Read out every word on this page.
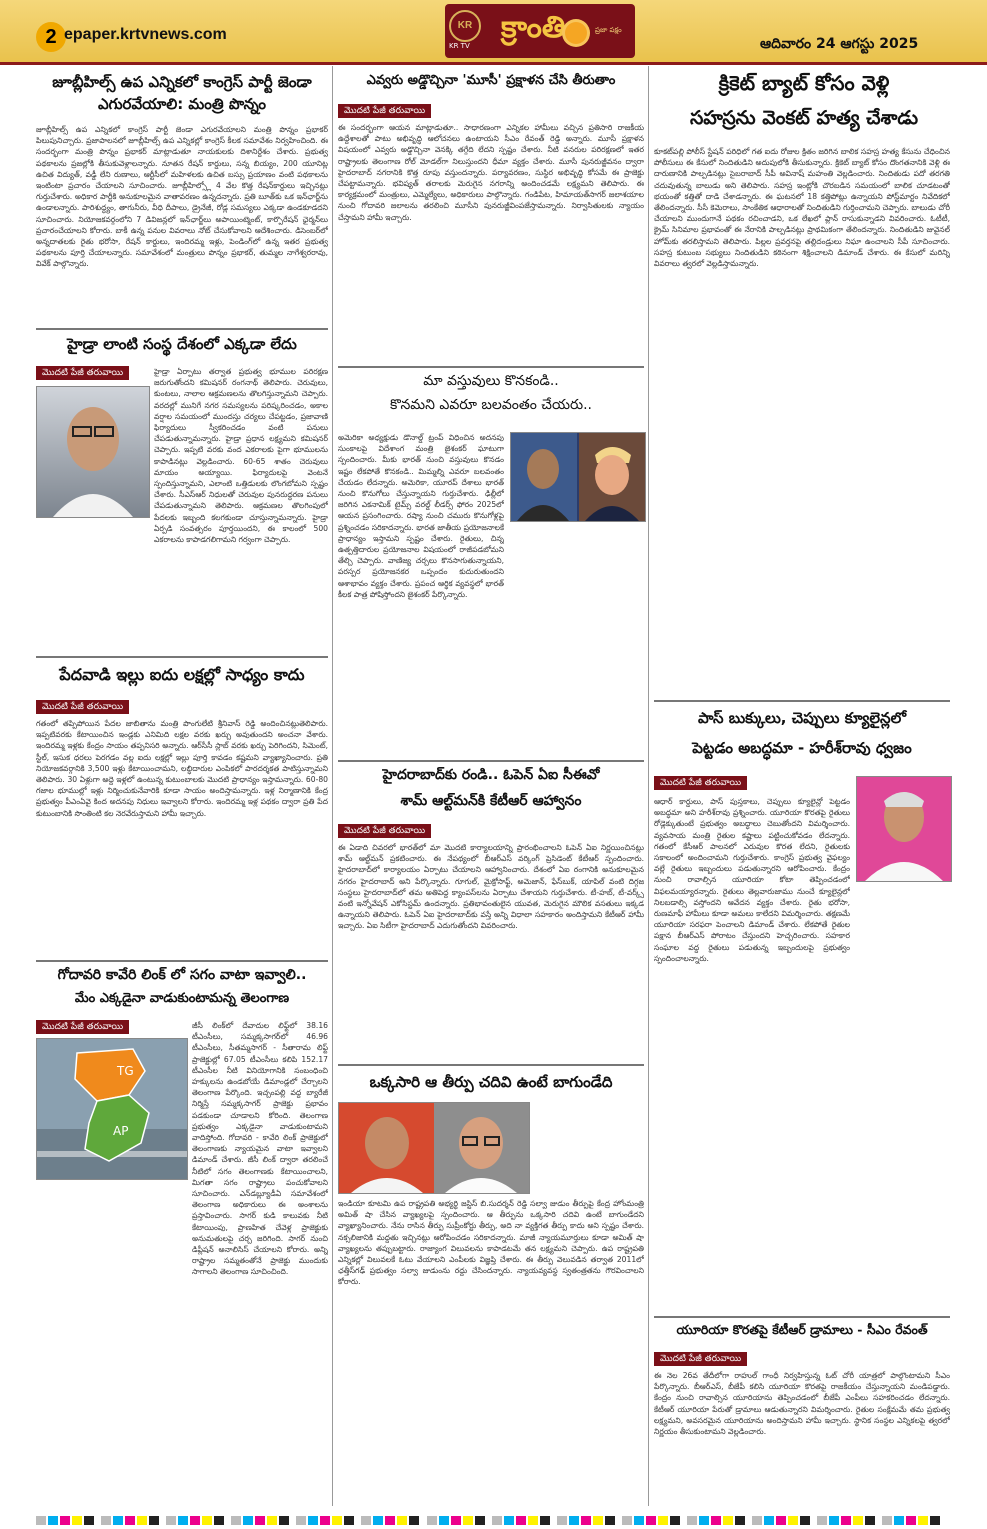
2 epaper.krtvnews.com
KR
KR TV
క్రాంతి	ప్రజా పక్షం
ఆదివారం 24 ఆగస్టు 2025
జూబ్లీహిల్స్ ఉప ఎన్నికలో కాంగ్రెస్ పార్టీ జెండా
ఎగురవేయాలి: మంత్రి పొన్నం
జూబ్లీహిల్స్ ఉప ఎన్నికలో కాంగ్రెస్ పార్టీ జెండా ఎగురవేయాలని మంత్రి పొన్నం ప్రభాకర్ పిలుపునిచ్చారు. ప్రజాపాలనలో జూబ్లీహిల్స్ ఉప ఎన్నికల్లో కాంగ్రెస్ కీలక సమావేశం నిర్వహించింది. ఈ సందర్భంగా మంత్రి పొన్నం ప్రభాకర్ మాట్లాడుతూ నాయకులకు దిశానిర్దేశం చేశారు. ప్రభుత్వ పథకాలను ప్రజల్లోకి తీసుకువెళ్లాలన్నారు. నూతన రేషన్ కార్డులు, సన్న బియ్యం, 200 యూనిట్ల ఉచిత విద్యుత్, వడ్డీ లేని రుణాలు, ఆర్టీసీలో మహిళలకు ఉచిత బస్సు ప్రయాణం వంటి పథకాలను ఇంటింటా ప్రచారం చేయాలని సూచించారు. జూబ్లీహిల్స్లో 4 వేల కొత్త రేషన్‌కార్డులు ఇచ్చినట్లు గుర్తుచేశారు. అధికార పార్టీకి అనుకూలమైన వాతావరణం ఉన్నదన్నారు. ప్రతి బూత్‌కు ఒక ఇన్‌ఛార్జ్‌ను ఉండాలన్నారు. పారిశుద్ధ్యం, తాగునీరు, వీధి దీపాలు, డ్రైనేజీ, రోడ్ల సమస్యలు ఎక్కడా ఉండకూడదని సూచించారు. నియోజకవర్గంలోని 7 డివిజన్లలో ఇన్‌ఛార్జ్‌లు అపాయింట్మెంట్, కార్పొరేషన్ ఛైర్మన్‌లు ప్రచారంచేయాలని కోరారు. బాకీ ఉన్న పనుల వివరాలు నోట్ చేసుకోవాలని ఆదేశించారు. డిసెంబర్‌లో అన్నదాతలకు రైతు భరోసా, రేషన్ కార్డులు, ఇందిరమ్మ ఇళ్లు, పెండింగ్‌లో ఉన్న ఇతర ప్రభుత్వ పథకాలను పూర్తి చేయాలన్నారు. సమావేశంలో మంత్రులు పొన్నం ప్రభాకర్, తుమ్మల నాగేశ్వరరావు, వివేక్ పాల్గొన్నారు.
హైడ్రా లాంటి సంస్థ దేశంలో ఎక్కడా లేదు
మొదటి పేజీ తరువాయి	హైడ్రా ఏర్పాటు తర్వాత ప్రభుత్వ భూముల పరిరక్షణ జరుగుతోందని కమిషనర్ రంగనాథ్ తెలిపారు. చెరువులు, కుంటలు, నాలాల ఆక్రమణలను తొలగిస్తున్నామని చెప్పారు. వరదల్లో మునిగే నగర సమస్యలను పరిష్కరించడం, అకాల వర్షాల సమయంలో ముందస్తు చర్యలు చేపట్టడం, ప్రజావాణి ఫిర్యాదులు స్వీకరించడం వంటి పనులు చేపడుతున్నామన్నారు. హైడ్రా ప్రధాన లక్ష్యమని కమిషనర్ చెప్పారు. ఇప్పటి వరకు వంద ఎకరాలకు పైగా భూములను కాపాడినట్లు వెల్లడించారు. 60-65 శాతం చెరువులు మాయం అయ్యాయి. ఫిర్యాదులపై వెంటనే స్పందిస్తున్నామని, ఎలాంటి ఒత్తిడులకు లొంగబోమని స్పష్టం చేశారు. సీఎస్ఆర్ నిధులతో చెరువుల పునరుద్ధరణ పనులు చేపడుతున్నామని తెలిపారు. ఆక్రమణల తొలగింపులో పేదలకు ఇబ్బంది కలగకుండా చూస్తున్నామన్నారు. హైడ్రా ఏర్పడి సంవత్సరం పూర్తయిందని, ఈ కాలంలో 500 ఎకరాలను కాపాడగలిగామని గర్వంగా చెప్పారు.
పేదవాడి ఇల్లు ఐదు లక్షల్లో సాధ్యం కాదు
మొదటి పేజీ తరువాయి
గతంలో తప్పిపోయిన పేదల జాబితాను మంత్రి పొంగులేటి శ్రీనివాస్ రెడ్డి అందించినట్లుతెలిపారు. ఇప్పటివరకు కేటాయించిన ఇండ్లకు ఎనిమిది లక్షల వరకు ఖర్చు అవుతుందని అంచనా వేశారు. ఇందిరమ్మ ఇళ్లకు కేంద్రం సాయం తప్పనిసరి అన్నారు. ఆర్‌సీసీ స్లాబ్ వరకు ఖర్చు పెరిగిందని, సిమెంట్, స్టీల్, ఇసుక ధరలు పెరగడం వల్ల ఐదు లక్షల్లో ఇల్లు పూర్తి కావడం కష్టమని వ్యాఖ్యానించారు. ప్రతి నియోజకవర్గానికి 3,500 ఇళ్లు కేటాయించామని, లబ్ధిదారుల ఎంపికలో పారదర్శకత పాటిస్తున్నామని తెలిపారు. 30 ఏళ్లుగా అద్దె ఇళ్లలో ఉంటున్న కుటుంబాలకు మొదటి ప్రాధాన్యం ఇస్తామన్నారు. 60-80 గజాల భూముల్లో ఇళ్లు నిర్మించుకునేవారికి కూడా సాయం అందిస్తామన్నారు. ఇళ్ల నిర్మాణానికి కేంద్ర ప్రభుత్వం పీఎంఏవై కింద అదనపు నిధులు ఇవ్వాలని కోరారు. ఇందిరమ్మ ఇళ్ల పథకం ద్వారా ప్రతి పేద కుటుంబానికి సొంతింటి కల నెరవేరుస్తామని హామీ ఇచ్చారు.
గోదావరి కావేరి లింక్ లో సగం వాటా ఇవ్వాలి..
మేం ఎక్కడైనా వాడుకుంటామన్న తెలంగాణ
మొదటి పేజీ తరువాయి
TG
AP
జీసీ లింక్‌లో దేవాదుల లిఫ్ట్‌లో 38.16 టీఎంసీలు, సమ్మక్కసాగర్‌లో 46.96 టీఎంసీలు, సీతమ్మసాగర్ - సీతారామ లిఫ్ట్ ప్రాజెక్టుల్లో 67.05 టీఎంసీలు కలిపి 152.17 టీఎంసీల నీటి వినియోగానికి సంబంధించి హక్కులను ఉండబోయే డిమాండ్లలో చేర్చాలని తెలంగాణ పేర్కొంది. ఇచ్చంపల్లి వద్ద బ్యారేజీ నిర్మిస్తే సమ్మక్కసాగర్ ప్రాజెక్టు ప్రభావం పడకుండా చూడాలని కోరింది. తెలంగాణ ప్రభుత్వం ఎక్కడైనా వాడుకుంటామని వాదిస్తోంది. గోదావరి - కావేరి లింక్ ప్రాజెక్టులో తెలంగాణకు న్యాయమైన వాటా ఇవ్వాలని డిమాండ్ చేశారు. జీసీ లింక్ ద్వారా తరలించే నీటిలో సగం తెలంగాణకు కేటాయించాలని, మిగతా సగం రాష్ట్రాలు పంచుకోవాలని సూచించారు. ఎన్‌డబ్ల్యూడీఏ సమావేశంలో తెలంగాణ అధికారులు ఈ అంశాలను ప్రస్తావించారు. సాగర్ కుడి కాలువకు నీటి కేటాయింపు, ప్రాణహిత చేవెళ్ల ప్రాజెక్టుకు అనుమతులపై చర్చ జరిగింది. సాగర్ నుంచి డిప్లీషన్ అనాలిసిస్ చేయాలని కోరారు. అన్ని రాష్ట్రాల సమ్మతంతోనే ప్రాజెక్టు ముందుకు సాగాలని తెలంగాణ సూచించింది.
ఎవ్వరు అడ్డొచ్చినా 'మూసీ' ప్రక్షాళన చేసి తీరుతాం
మొదటి పేజీ తరువాయి
ఈ సందర్భంగా ఆయన మాట్లాడుతూ.. సాధారణంగా ఎన్నికల హామీలు వచ్చిన ప్రతిసారి రాజకీయ ఉద్దేశాలతో పాటు అభివృద్ధి ఆలోచనలు ఉంటాయని సీఎం రేవంత్ రెడ్డి అన్నారు. మూసీ ప్రక్షాళన విషయంలో ఎవ్వరు అడ్డొచ్చినా వెనక్కి తగ్గేది లేదని స్పష్టం చేశారు. నీటి వనరుల పరిరక్షణలో ఇతర రాష్ట్రాలకు తెలంగాణ రోల్ మోడల్‌గా నిలుస్తుందని ధీమా వ్యక్తం చేశారు. మూసీ పునరుజ్జీవనం ద్వారా హైదరాబాద్ నగరానికి కొత్త రూపు వస్తుందన్నారు. పర్యావరణం, సుస్థిర అభివృద్ధి కోసమే ఈ ప్రాజెక్టు చేపట్టామన్నారు. భవిష్యత్ తరాలకు మెరుగైన నగరాన్ని అందించడమే లక్ష్యమని తెలిపారు. ఈ కార్యక్రమంలో మంత్రులు, ఎమ్మెల్యేలు, అధికారులు పాల్గొన్నారు. గండిపేట, హిమాయత్‌సాగర్ జలాశయాల నుంచి గోదావరి జలాలను తరలించి మూసీని పునరుజ్జీవింపజేస్తామన్నారు. నిర్వాసితులకు న్యాయం చేస్తామని హామీ ఇచ్చారు.
మా వస్తువులు కొనకండి..
కొనమని ఎవరూ బలవంతం చేయరు..
అమెరికా అధ్యక్షుడు డొనాల్డ్ ట్రంప్ విధించిన అదనపు సుంకాలపై విదేశాంగ మంత్రి జైశంకర్ ఘాటుగా స్పందించారు. మీకు భారత్ నుంచి వస్తువులు కొనడం ఇష్టం లేకపోతే కొనకండి.. మిమ్మల్ని ఎవరూ బలవంతం చేయడం లేదన్నారు. అమెరికా, యూరప్ దేశాలు భారత్ నుంచి కొనుగోలు చేస్తున్నాయని గుర్తుచేశారు. ఢిల్లీలో జరిగిన ఎకనామిక్ టైమ్స్ వరల్డ్ లీడర్స్ ఫోరం 2025లో ఆయన ప్రసంగించారు. రష్యా నుంచి చమురు కొనుగోళ్లపై ప్రశ్నించడం సరికాదన్నారు. భారత జాతీయ ప్రయోజనాలకే ప్రాధాన్యం ఇస్తామని స్పష్టం చేశారు. రైతులు, చిన్న ఉత్పత్తిదారుల ప్రయోజనాల విషయంలో రాజీపడబోమని తేల్చి చెప్పారు. వాణిజ్య చర్చలు కొనసాగుతున్నాయని, పరస్పర ప్రయోజనకర ఒప్పందం కుదురుతుందని ఆశాభావం వ్యక్తం చేశారు. ప్రపంచ ఆర్థిక వ్యవస్థలో భారత్ కీలక పాత్ర పోషిస్తోందని జైశంకర్ పేర్కొన్నారు.
హైదరాబాద్‌కు రండి.. ఓపెన్ ఏఐ సీఈవో
శామ్ ఆల్ట్‌మన్‌కి కేటీఆర్ ఆహ్వానం
మొదటి పేజీ తరువాయి
ఈ ఏడాది చివరలో భారత్‌లో మా మొదటి కార్యాలయాన్ని ప్రారంభించాలని ఓపెన్ ఏఐ నిర్ణయించినట్లు శామ్ ఆల్ట్‌మన్ ప్రకటించారు. ఈ నేపథ్యంలో బీఆర్ఎస్ వర్కింగ్ ప్రెసిడెంట్ కేటీఆర్ స్పందించారు. హైదరాబాద్‌లో కార్యాలయం ఏర్పాటు చేయాలని ఆహ్వానించారు. దేశంలో ఏఐ రంగానికి అనుకూలమైన నగరం హైదరాబాద్ అని పేర్కొన్నారు. గూగుల్, మైక్రోసాఫ్ట్, అమెజాన్, ఫేస్‌బుక్, యాపిల్ వంటి దిగ్గజ సంస్థలు హైదరాబాద్‌లో తమ అతిపెద్ద క్యాంపస్‌లను ఏర్పాటు చేశాయని గుర్తుచేశారు. టీ-హబ్, టీ-వర్క్స్ వంటి ఇన్నోవేషన్ ఎకోసిస్టమ్ ఉందన్నారు. ప్రతిభావంతులైన యువత, మెరుగైన మౌలిక వసతులు ఇక్కడ ఉన్నాయని తెలిపారు. ఓపెన్ ఏఐ హైదరాబాద్‌కు వస్తే అన్ని విధాలా సహకారం అందిస్తామని కేటీఆర్ హామీ ఇచ్చారు. ఏఐ సిటీగా హైదరాబాద్ ఎదుగుతోందని వివరించారు.
ఒక్కసారి ఆ తీర్పు చదివి ఉంటే బాగుండేది
ఇండియా కూటమి ఉప రాష్ట్రపతి అభ్యర్థి జస్టిస్ బి.సుదర్శన్ రెడ్డి సల్వా జుడుం తీర్పుపై కేంద్ర హోంమంత్రి అమిత్ షా చేసిన వ్యాఖ్యలపై స్పందించారు. ఆ తీర్పును ఒక్కసారి చదివి ఉంటే బాగుండేదని వ్యాఖ్యానించారు. నేను రాసిన తీర్పు సుప్రీంకోర్టు తీర్పు, అది నా వ్యక్తిగత తీర్పు కాదు అని స్పష్టం చేశారు. నక్సలిజానికి మద్దతు ఇచ్చినట్లు ఆరోపించడం సరికాదన్నారు. మాజీ న్యాయమూర్తులు కూడా అమిత్ షా వ్యాఖ్యలను తప్పుబట్టారు. రాజ్యాంగ విలువలను కాపాడటమే తన లక్ష్యమని చెప్పారు. ఉప రాష్ట్రపతి ఎన్నికల్లో విలువలకే ఓటు వేయాలని ఎంపీలకు విజ్ఞప్తి చేశారు. ఈ తీర్పు వెలువడిన తర్వాత 2011లో ఛత్తీస్‌గఢ్ ప్రభుత్వం సల్వా జుడుంను రద్దు చేసిందన్నారు. న్యాయవ్యవస్థ స్వతంత్రతను గౌరవించాలని కోరారు.
క్రికెట్ బ్యాట్ కోసం వెళ్లి
సహస్రను వెంకట్ హత్య చేశాడు
కూకట్‌పల్లి పోలీస్ స్టేషన్ పరిధిలో గత ఐదు రోజుల క్రితం జరిగిన బాలిక సహస్ర హత్య కేసును చేధించిన పోలీసులు ఈ కేసులో నిందితుడిని అదుపులోకి తీసుకున్నారు. క్రికెట్ బ్యాట్ కోసం దొంగతనానికి వెళ్లి ఈ దారుణానికి పాల్పడినట్లు సైబరాబాద్ సీపీ అవినాష్ మహంతి వెల్లడించారు. నిందితుడు పదో తరగతి చదువుతున్న బాలుడు అని తెలిపారు. సహస్ర ఇంట్లోకి చొరబడిన సమయంలో బాలిక చూడటంతో భయంతో కత్తితో దాడి చేశాడన్నారు. ఈ ఘటనలో 18 కత్తిపోట్లు ఉన్నాయని పోస్ట్‌మార్టం నివేదికలో తేలిందన్నారు. సీసీ కెమెరాలు, సాంకేతిక ఆధారాలతో నిందితుడిని గుర్తించామని చెప్పారు. బాలుడు చోరీ చేయాలని ముందుగానే పథకం రచించాడని, ఒక లేఖలో ప్లాన్ రాసుకున్నాడని వివరించారు. ఓటీటీ, క్రైమ్ సినిమాల ప్రభావంతో ఈ నేరానికి పాల్పడినట్లు ప్రాథమికంగా తేలిందన్నారు. నిందితుడిని జువైనల్ హోమ్‌కు తరలిస్తామని తెలిపారు. పిల్లల ప్రవర్తనపై తల్లిదండ్రులు నిఘా ఉంచాలని సీపీ సూచించారు. సహస్ర కుటుంబ సభ్యులు నిందితుడిని కఠినంగా శిక్షించాలని డిమాండ్ చేశారు. ఈ కేసులో మరిన్ని వివరాలు త్వరలో వెల్లడిస్తామన్నారు.
పాస్ బుక్కులు, చెప్పులు క్యూలైన్లలో
పెట్టడం అబద్ధమా - హరీశ్‌రావు ధ్వజం
మొదటి పేజీ తరువాయి
ఆధార్ కార్డులు, పాస్ పుస్తకాలు, చెప్పులు క్యూలైన్లో పెట్టడం అబద్ధమా అని హరీశ్‌రావు ప్రశ్నించారు. యూరియా కొరతపై రైతులు రోడ్లెక్కుతుంటే ప్రభుత్వం అబద్ధాలు చెబుతోందని విమర్శించారు. వ్యవసాయ మంత్రి రైతుల కష్టాలు పట్టించుకోవడం లేదన్నారు. గతంలో కేసీఆర్ పాలనలో ఎరువుల కొరత లేదని, రైతులకు సకాలంలో అందించామని గుర్తుచేశారు. కాంగ్రెస్ ప్రభుత్వ వైఫల్యం వల్లే రైతులు ఇబ్బందులు పడుతున్నారని ఆరోపించారు. కేంద్రం నుంచి రావాల్సిన యూరియా కోటా తెప్పించడంలో విఫలమయ్యారన్నారు. రైతులు తెల్లవారుజాము నుంచే క్యూలైన్లలో నిలబడాల్సి వస్తోందని ఆవేదన వ్యక్తం చేశారు. రైతు భరోసా, రుణమాఫీ హామీలు కూడా అమలు కాలేదని విమర్శించారు. తక్షణమే యూరియా సరఫరా పెంచాలని డిమాండ్ చేశారు. లేకపోతే రైతుల పక్షాన బీఆర్ఎస్ పోరాటం చేస్తుందని హెచ్చరించారు. సహకార సంఘాల వద్ద రైతులు పడుతున్న ఇబ్బందులపై ప్రభుత్వం స్పందించాలన్నారు.
యూరియా కొరతపై కేటీఆర్ డ్రామాలు - సీఎం రేవంత్
మొదటి పేజీ తరువాయి
ఈ నెల 26వ తేదీలోగా రాహుల్ గాంధీ నిర్వహిస్తున్న ఓట్ చోరీ యాత్రలో పాల్గొంటామని సీఎం పేర్కొన్నారు. బీఆర్ఎస్, బీజేపీ కలిసి యూరియా కొరతపై రాజకీయం చేస్తున్నాయని మండిపడ్డారు. కేంద్రం నుంచి రావాల్సిన యూరియాను తెప్పించడంలో బీజేపీ ఎంపీలు సహకరించడం లేదన్నారు. కేటీఆర్ యూరియా పేరుతో డ్రామాలు ఆడుతున్నారని విమర్శించారు. రైతుల సంక్షేమమే తమ ప్రభుత్వ లక్ష్యమని, అవసరమైన యూరియాను అందిస్తామని హామీ ఇచ్చారు. స్థానిక సంస్థల ఎన్నికలపై త్వరలో నిర్ణయం తీసుకుంటామని వెల్లడించారు.
